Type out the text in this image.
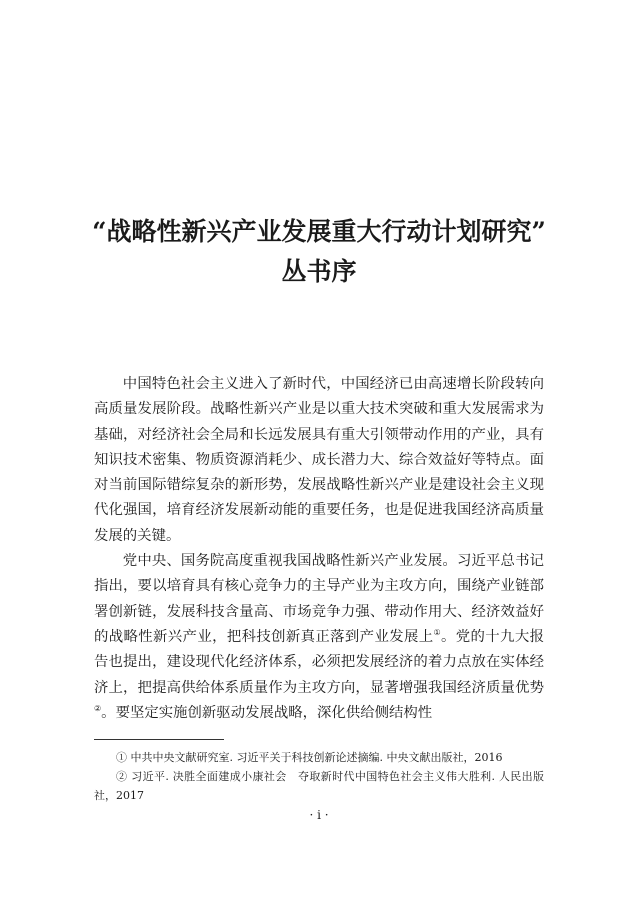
“战略性新兴产业发展重大行动计划研究”
丛书序

中国特色社会主义进入了新时代，中国经济已由高速增长阶段转向高质量发展阶段。战略性新兴产业是以重大技术突破和重大发展需求为基础，对经济社会全局和长远发展具有重大引领带动作用的产业，具有知识技术密集、物质资源消耗少、成长潜力大、综合效益好等特点。面对当前国际错综复杂的新形势，发展战略性新兴产业是建设社会主义现代化强国，培育经济发展新动能的重要任务，也是促进我国经济高质量发展的关键。

党中央、国务院高度重视我国战略性新兴产业发展。习近平总书记指出，要以培育具有核心竞争力的主导产业为主攻方向，围绕产业链部署创新链，发展科技含量高、市场竞争力强、带动作用大、经济效益好的战略性新兴产业，把科技创新真正落到产业发展上①。党的十九大报告也提出，建设现代化经济体系，必须把发展经济的着力点放在实体经济上，把提高供给体系质量作为主攻方向，显著增强我国经济质量优势②。要坚定实施创新驱动发展战略，深化供给侧结构性

① 中共中央文献研究室. 习近平关于科技创新论述摘编. 中央文献出版社，2016

② 习近平. 决胜全面建成小康社会　夺取新时代中国特色社会主义伟大胜利. 人民出版社，2017

· i ·
